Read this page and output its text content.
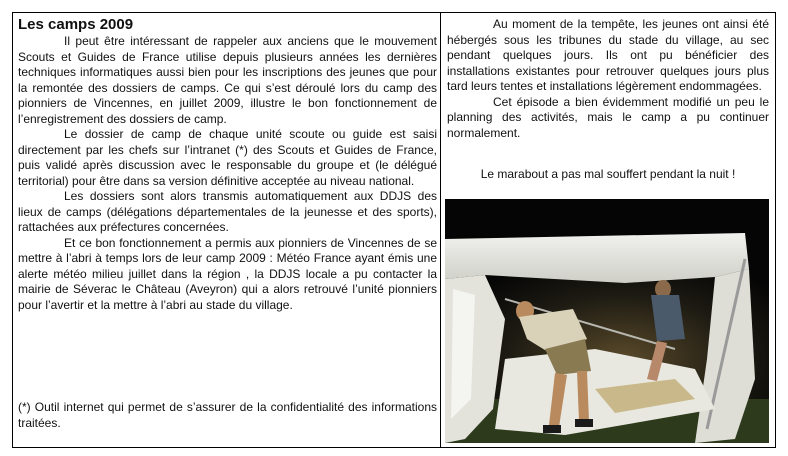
Les camps 2009

Il peut être intéressant de rappeler aux anciens que le mouvement Scouts et Guides de France utilise depuis plusieurs années les dernières techniques informatiques aussi bien pour les inscriptions des jeunes que pour la remontée des dossiers de camps. Ce qui s’est déroulé lors du camp des pionniers de Vincennes, en juillet 2009, illustre le bon fonctionnement de l’enregistrement des dossiers de camp.

Le dossier de camp de chaque unité scoute ou guide est saisi directement par les chefs sur l’intranet (*) des Scouts et Guides de France, puis validé après discussion avec le responsable du groupe et (le délégué territorial) pour être dans sa version définitive acceptée au niveau national.

Les dossiers sont alors transmis automatiquement aux DDJS des lieux de camps (délégations départementales de la jeunesse et des sports), rattachées aux préfectures concernées.

Et ce bon fonctionnement a permis aux pionniers de Vincennes de se mettre à l’abri à temps lors de leur camp 2009 : Météo France ayant émis une alerte météo milieu juillet dans la région , la DDJS locale a pu contacter la mairie de Séverac le Château (Aveyron) qui a alors retrouvé l’unité pionniers pour l’avertir et la mettre à l’abri au stade du village.

(*) Outil internet qui permet de s’assurer de la confidentialité des informations traitées.

Au moment de la tempête, les jeunes ont ainsi été hébergés sous les tribunes du stade du village, au sec pendant quelques jours. Ils ont pu bénéficier des installations existantes pour retrouver quelques jours plus tard leurs tentes et installations légèrement endommagées.

Cet épisode a bien évidemment modifié un peu le planning des activités, mais le camp a pu continuer normalement.

Le marabout a pas mal souffert pendant la nuit !
